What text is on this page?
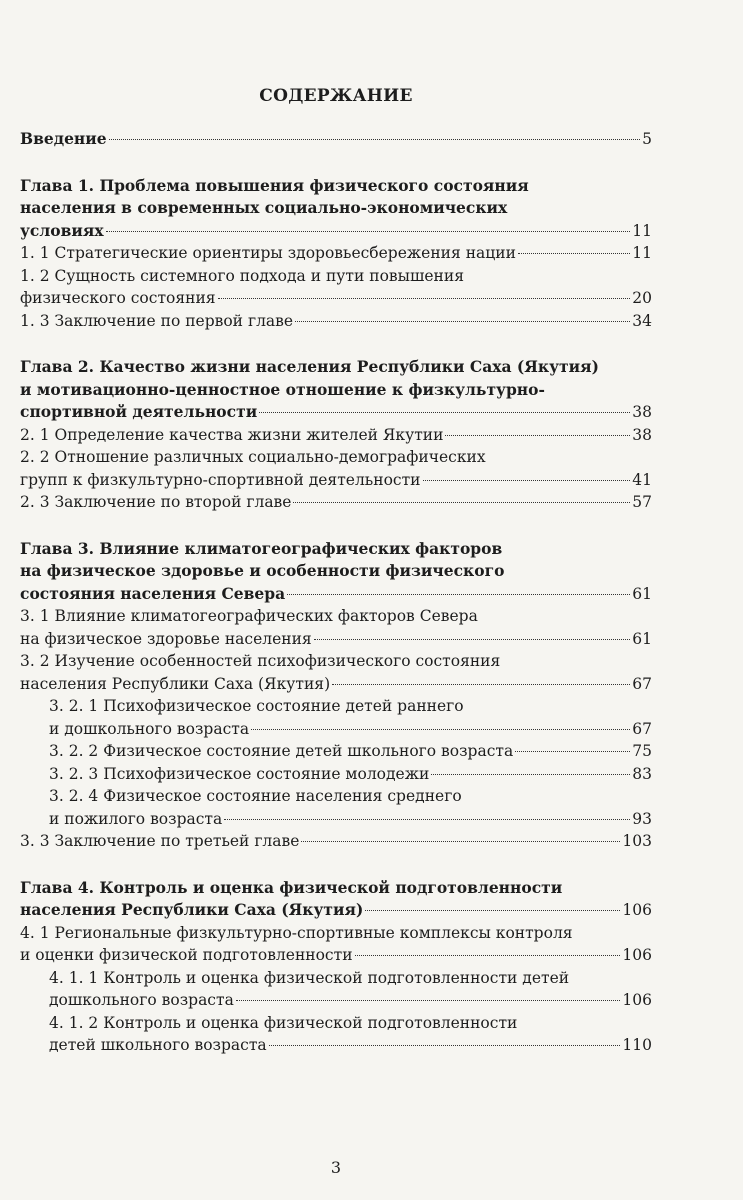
СОДЕРЖАНИЕ
Введение	5
Глава 1. Проблема повышения физического состояния
населения в современных социально-экономических
условиях	11
1. 1 Стратегические ориентиры здоровьесбережения нации	11
1. 2 Сущность системного подхода и пути повышения
физического состояния	20
1. 3 Заключение по первой главе	34
Глава 2. Качество жизни населения Республики Саха (Якутия)
и мотивационно-ценностное отношение к физкультурно-
спортивной деятельности	38
2. 1 Определение качества жизни жителей Якутии	38
2. 2 Отношение различных социально-демографических
групп к физкультурно-спортивной деятельности	41
2. 3 Заключение по второй главе	57
Глава 3. Влияние климатогеографических факторов
на физическое здоровье и особенности физического
состояния населения Севера	61
3. 1 Влияние климатогеографических факторов Севера
на физическое здоровье населения	61
3. 2 Изучение особенностей психофизического состояния
населения Республики Саха (Якутия)	67
3. 2. 1 Психофизическое состояние детей раннего
и дошкольного возраста	67
3. 2. 2 Физическое состояние детей школьного возраста	75
3. 2. 3 Психофизическое состояние молодежи	83
3. 2. 4 Физическое состояние населения среднего
и пожилого возраста	93
3. 3 Заключение по третьей главе	103
Глава 4. Контроль и оценка физической подготовленности
населения Республики Саха (Якутия)	106
4. 1 Региональные физкультурно-спортивные комплексы контроля
и оценки физической подготовленности	106
4. 1. 1 Контроль и оценка физической подготовленности детей
дошкольного возраста	106
4. 1. 2 Контроль и оценка физической подготовленности
детей школьного возраста	110
3
